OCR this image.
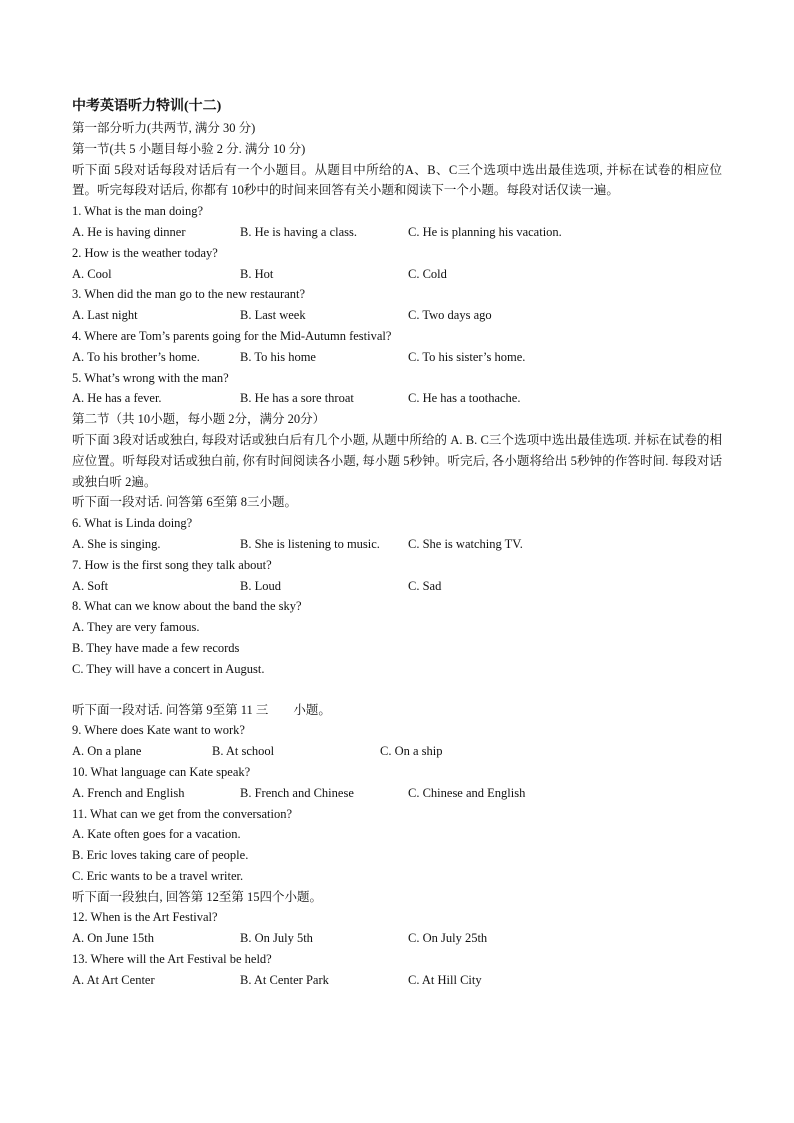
中考英语听力特训(十二)
第一部分听力(共两节, 满分 30 分)
第一节(共 5 小题目每小验 2 分. 满分 10 分)
听下面 5段对话每段对话后有一个小题目。从题目中所给的A、B、C三个选项中选出最佳选项, 并标在试卷的相应位置。听完每段对话后, 你都有 10秒中的时间来回答有关小题和阅读下一个小题。每段对话仅读一遍。
1. What is the man doing?
A. He is having dinner	B. He is having a class.	C. He is planning his vacation.
2. How is the weather today?
A. Cool	B. Hot	C. Cold
3. When did the man go to the new restaurant?
A. Last night	B. Last week	C. Two days ago
4. Where are Tom’s parents going for the Mid-Autumn festival?
A. To his brother’s home.	B. To his home	C. To his sister’s home.
5. What’s wrong with the man?
A. He has a fever.	B. He has a sore throat	C. He has a toothache.
第二节（共 10小题，每小题 2分，满分 20分）
听下面 3段对话或独白, 每段对话或独白后有几个小题, 从题中所给的 A. B. C三个选项中选出最佳选项. 并标在试卷的相应位置。听每段对话或独白前, 你有时间阅读各小题, 每小题 5秒钟。听完后, 各小题将给出 5秒钟的作答时间. 每段对话或独白听 2遍。
听下面一段对话. 问答第 6至第 8三小题。
6. What is Linda doing?
A. She is singing.	B. She is listening to music. C. She is watching TV.
7. How is the first song they talk about?
A. Soft	B. Loud	C. Sad
8. What can we know about the band the sky?
A. They are very famous.
B. They have made a few records
C. They will have a concert in August.
听下面一段对话. 问答第 9至第 11 三　　小题。
9. Where does Kate want to work?
A. On a plane	B. At school	C. On a ship
10. What language can Kate speak?
A. French and English	B. French and Chinese	C. Chinese and English
11. What can we get from the conversation?
A. Kate often goes for a vacation.
B. Eric loves taking care of people.
C. Eric wants to be a travel writer.
听下面一段独白, 回答第 12至第 15四个小题。
12. When is the Art Festival?
A. On June 15th	B. On July 5th	C. On July 25th
13. Where will the Art Festival be held?
A. At Art Center	B. At Center Park	C. At Hill City
